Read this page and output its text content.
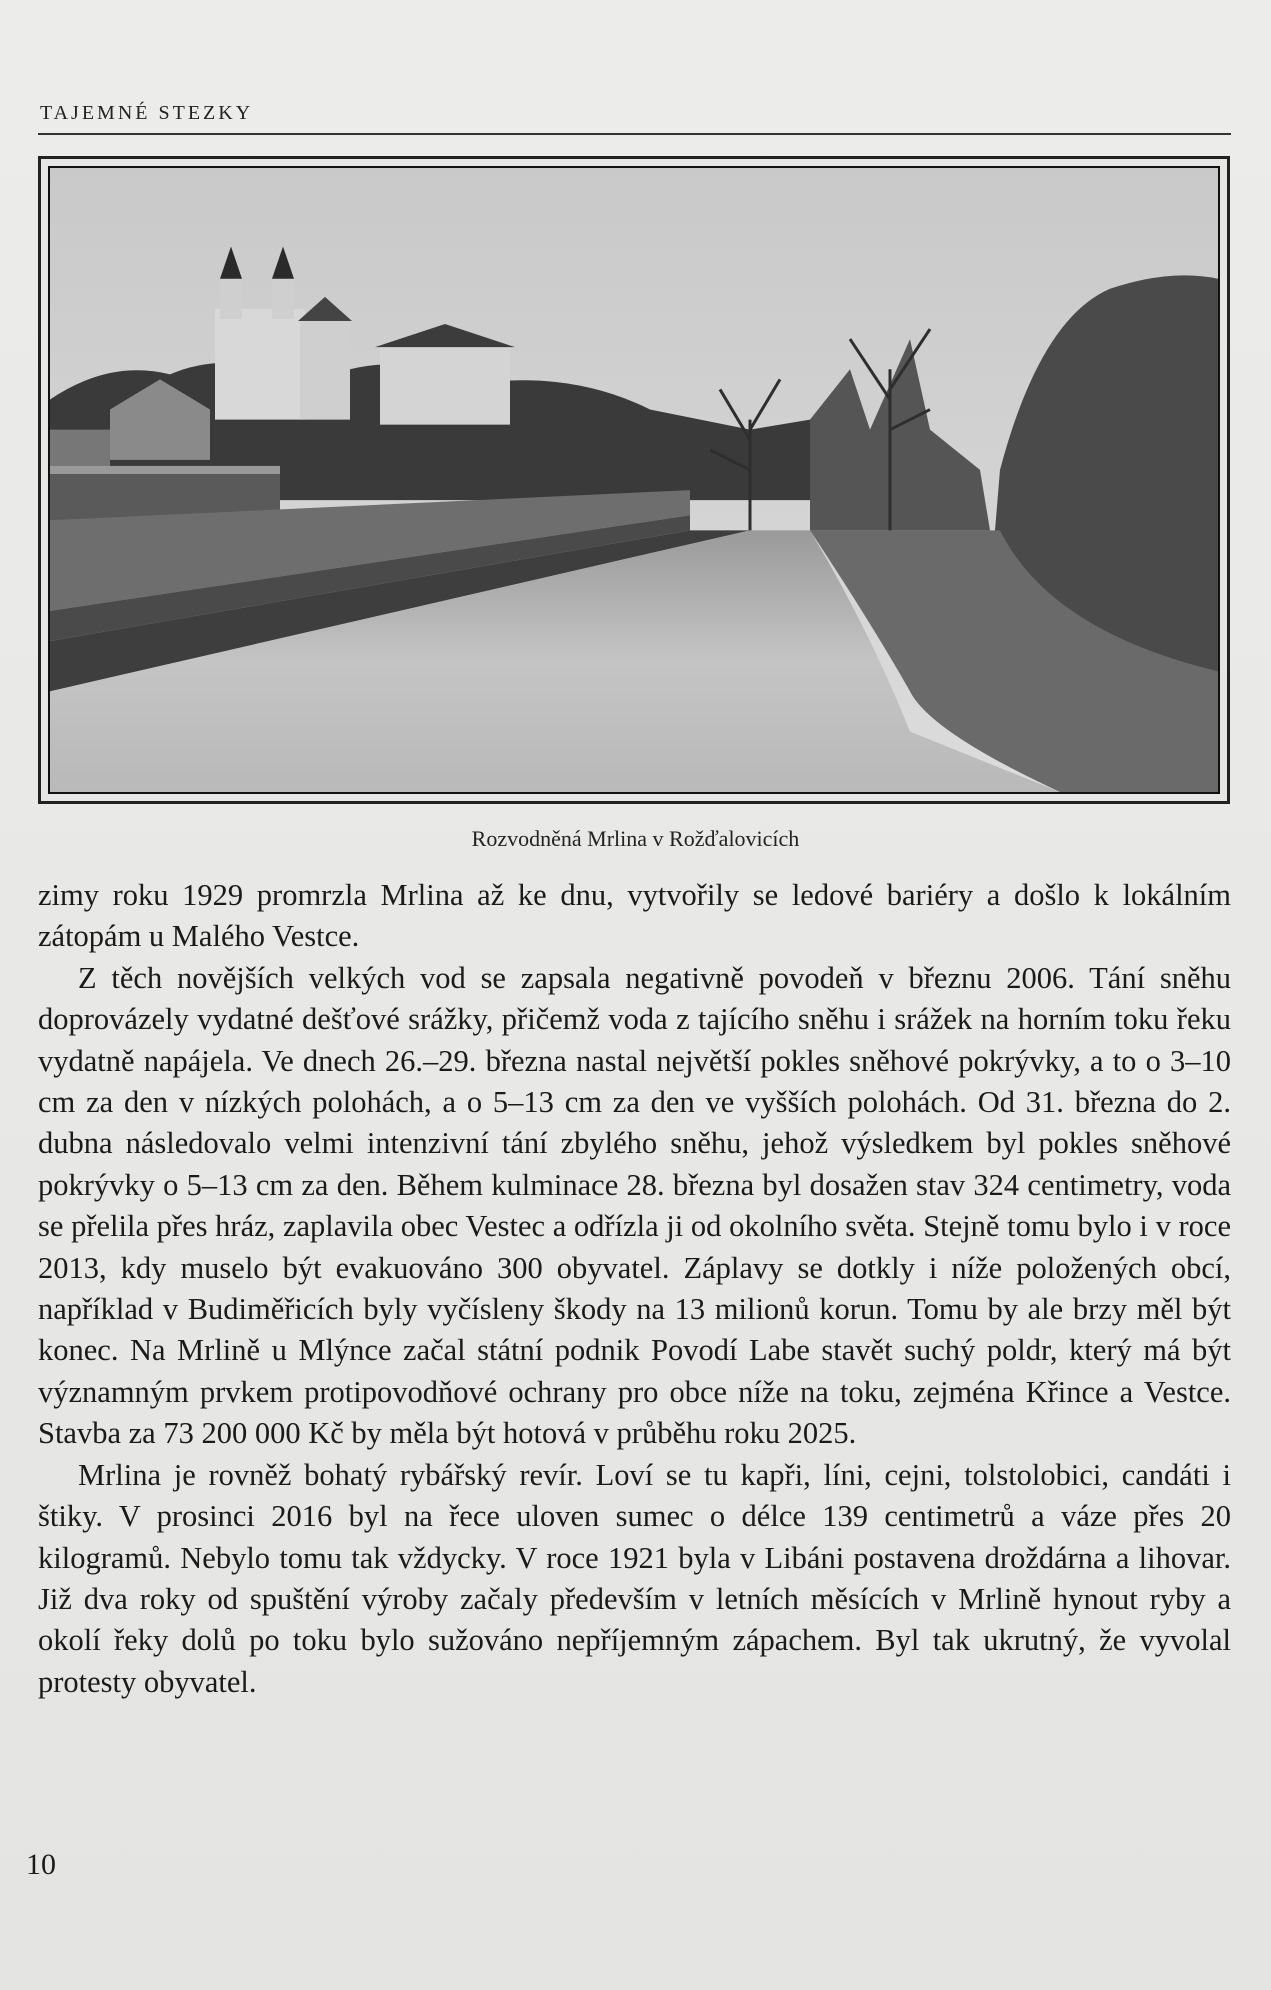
TAJEMNÉ STEZKY
Rozvodněná Mrlina v Rožďalovicích

zimy roku 1929 promrzla Mrlina až ke dnu, vytvořily se ledové bariéry a došlo k lokálním zátopám u Malého Vestce.

Z těch novějších velkých vod se zapsala negativně povodeň v březnu 2006. Tání sněhu doprovázely vydatné dešťové srážky, přičemž voda z tajícího sněhu i srážek na horním toku řeku vydatně napájela. Ve dnech 26.–29. března nastal největší pokles sněhové pokrývky, a to o 3–10 cm za den v nízkých polohách, a o 5–13 cm za den ve vyšších polohách. Od 31. března do 2. dubna následovalo velmi intenzivní tání zbylého sněhu, jehož výsledkem byl pokles sněhové pokrývky o 5–13 cm za den. Během kulminace 28. března byl dosažen stav 324 centimetry, voda se přelila přes hráz, zaplavila obec Vestec a odřízla ji od okolního světa. Stejně tomu bylo i v roce 2013, kdy muselo být evakuováno 300 obyvatel. Záplavy se dotkly i níže položených obcí, například v Budiměřicích byly vyčísleny škody na 13 milionů korun. Tomu by ale brzy měl být konec. Na Mrlině u Mlýnce začal státní podnik Povodí Labe stavět suchý poldr, který má být významným prvkem protipovodňové ochrany pro obce níže na toku, zejména Křince a Vestce. Stavba za 73 200 000 Kč by měla být hotová v průběhu roku 2025.

Mrlina je rovněž bohatý rybářský revír. Loví se tu kapři, líni, cejni, tolstolobici, candáti i štiky. V prosinci 2016 byl na řece uloven sumec o délce 139 centimetrů a váze přes 20 kilogramů. Nebylo tomu tak vždycky. V roce 1921 byla v Libáni postavena droždárna a lihovar. Již dva roky od spuštění výroby začaly především v letních měsících v Mrlině hynout ryby a okolí řeky dolů po toku bylo sužováno nepříjemným zápachem. Byl tak ukrutný, že vyvolal protesty obyvatel.

10
